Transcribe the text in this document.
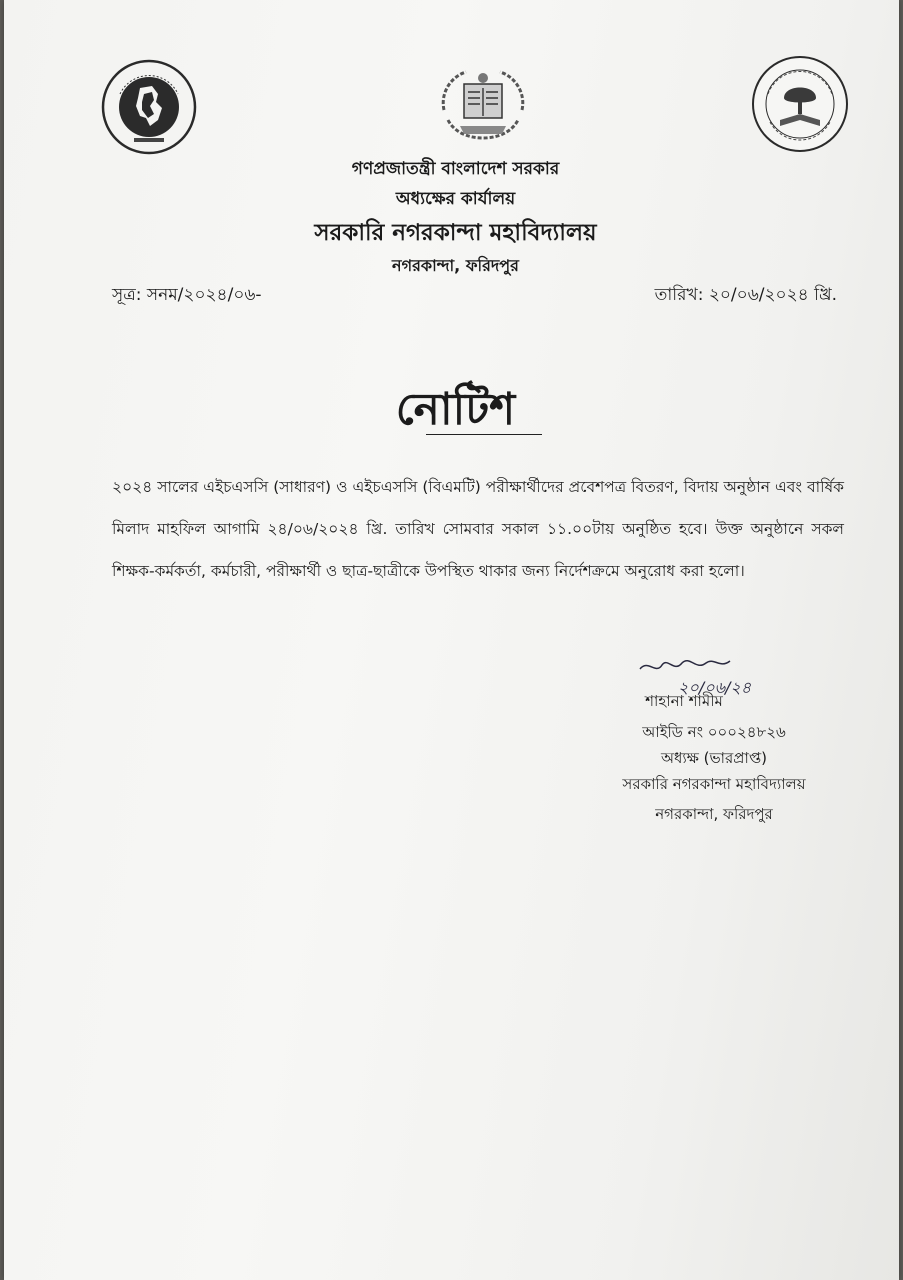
গণপ্রজাতন্ত্রী বাংলাদেশ সরকার
অধ্যক্ষের কার্যালয়
সরকারি নগরকান্দা মহাবিদ্যালয়
নগরকান্দা, ফরিদপুর
সূত্র: সনম/২০২৪/০৬-	তারিখ: ২০/০৬/২০২৪ খ্রি.
নোটিশ
২০২৪ সালের এইচএসসি (সাধারণ) ও এইচএসসি (বিএমটি) পরীক্ষার্থীদের প্রবেশপত্র বিতরণ, বিদায় অনুষ্ঠান এবং বার্ষিক মিলাদ মাহফিল আগামি ২৪/০৬/২০২৪ খ্রি. তারিখ সোমবার সকাল ১১.০০টায় অনুষ্ঠিত হবে। উক্ত অনুষ্ঠানে সকল শিক্ষক-কর্মকর্তা, কর্মচারী, পরীক্ষার্থী ও ছাত্র-ছাত্রীকে উপস্থিত থাকার জন্য নির্দেশক্রমে অনুরোধ করা হলো।
২০/০৬/২৪
শাহানা শামীম
আইডি নং ০০০২৪৮২৬
অধ্যক্ষ (ভারপ্রাপ্ত)
সরকারি নগরকান্দা মহাবিদ্যালয়
নগরকান্দা, ফরিদপুর
